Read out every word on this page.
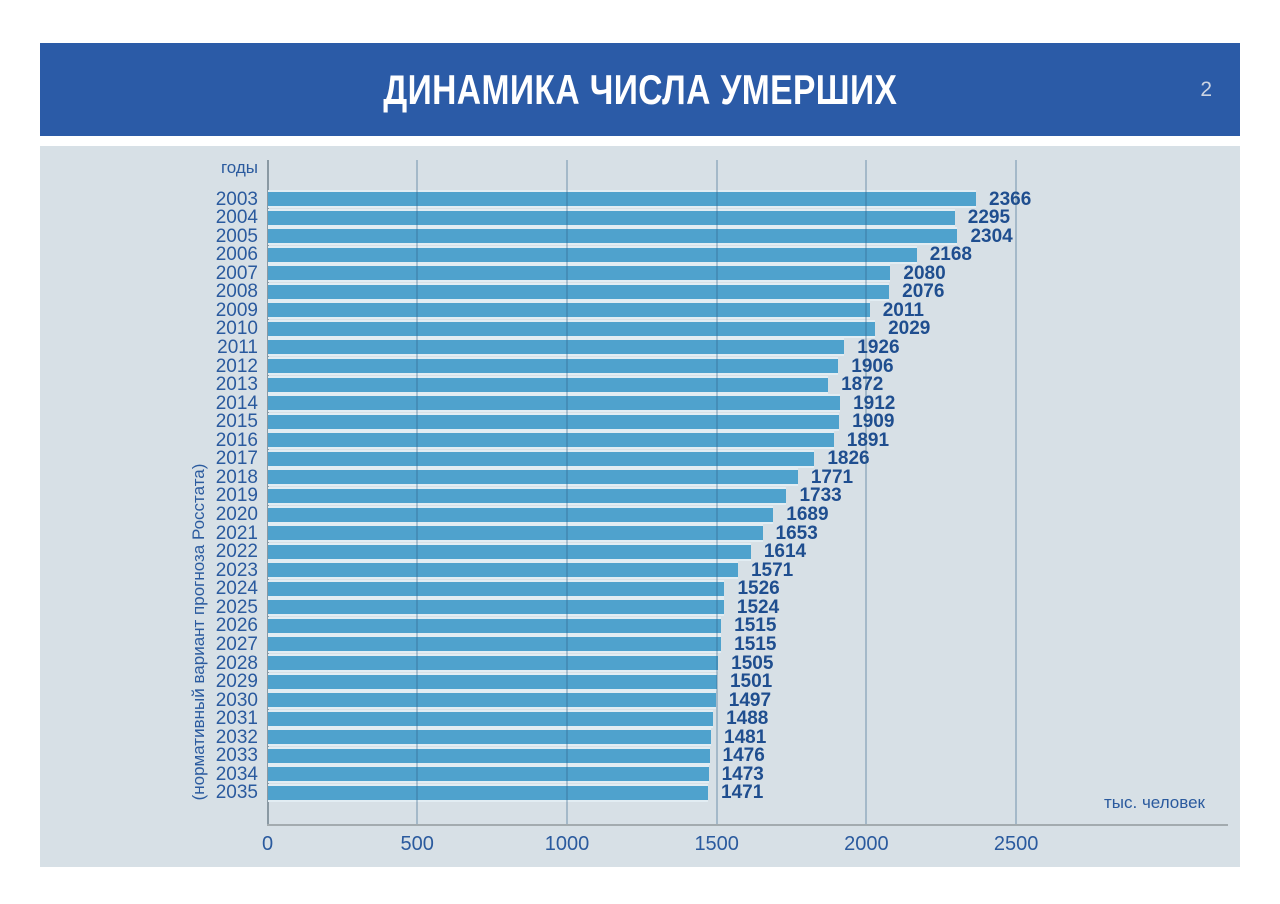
ДИНАМИКА ЧИСЛА УМЕРШИХ	2
годы
(нормативный вариант прогноза Росстата)
тыс. человек
2003	2366
2004	2295
2005	2304
2006	2168
2007	2080
2008	2076
2009	2011
2010	2029
2011	1926
2012	1906
2013	1872
2014	1912
2015	1909
2016	1891
2017	1826
2018	1771
2019	1733
2020	1689
2021	1653
2022	1614
2023	1571
2024	1526
2025	1524
2026	1515
2027	1515
2028	1505
2029	1501
2030	1497
2031	1488
2032	1481
2033	1476
2034	1473
2035	1471
0	500	1000	1500	2000	2500
